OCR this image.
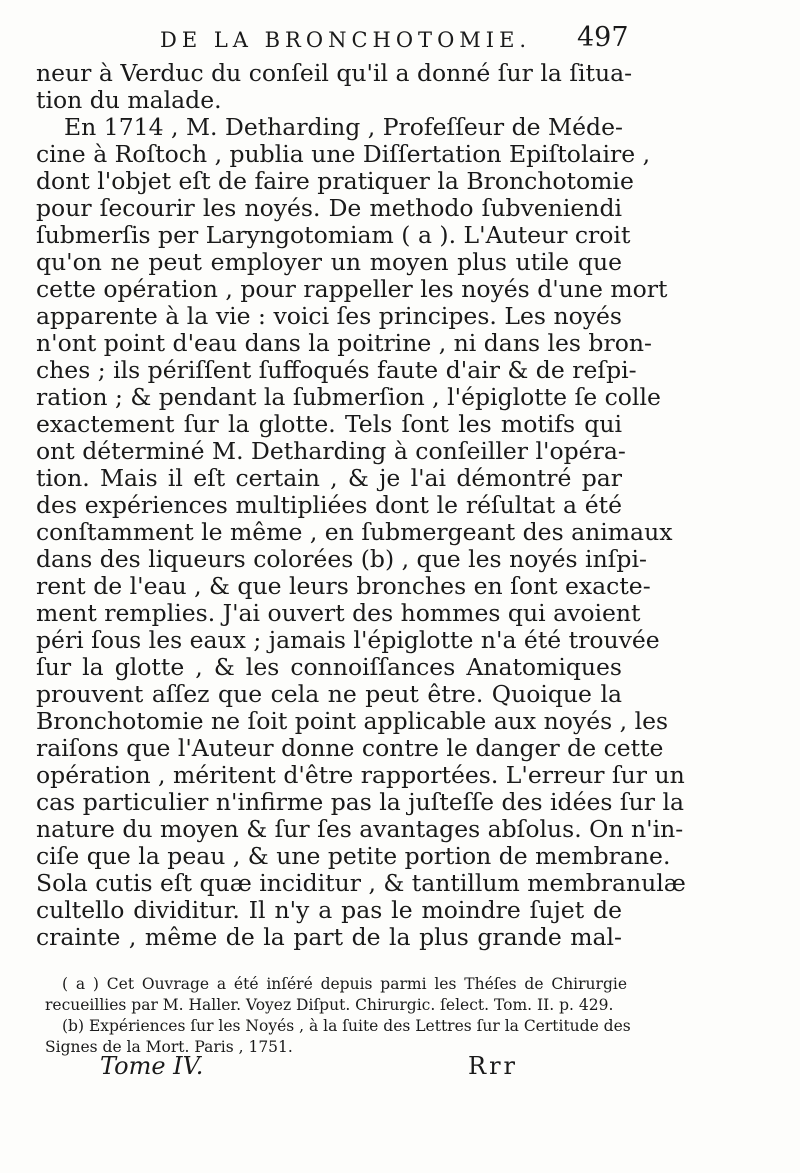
DE LA BRONCHOTOMIE. 497
neur à Verduc du conſeil qu'il a donné ſur la ſitua-
tion du malade.
En 1714 , M. Detharding , Profeſſeur de Méde-
cine à Roſtoch , publia une Diſſertation Epiſtolaire ,
dont l'objet eſt de faire pratiquer la Bronchotomie
pour ſecourir les noyés. De methodo ſubveniendi
ſubmerſis per Laryngotomiam ( a ). L'Auteur croit
qu'on ne peut employer un moyen plus utile que
cette opération , pour rappeller les noyés d'une mort
apparente à la vie : voici ſes principes. Les noyés
n'ont point d'eau dans la poitrine , ni dans les bron-
ches ; ils périſſent ſuffoqués faute d'air & de reſpi-
ration ; & pendant la ſubmerſion , l'épiglotte ſe colle
exactement ſur la glotte. Tels ſont les motifs qui
ont déterminé M. Detharding à conſeiller l'opéra-
tion. Mais il eſt certain , & je l'ai démontré par
des expériences multipliées dont le réſultat a été
conſtamment le même , en ſubmergeant des animaux
dans des liqueurs colorées (b) , que les noyés inſpi-
rent de l'eau , & que leurs bronches en ſont exacte-
ment remplies. J'ai ouvert des hommes qui avoient
péri ſous les eaux ; jamais l'épiglotte n'a été trouvée
ſur la glotte , & les connoiſſances Anatomiques
prouvent aſſez que cela ne peut être. Quoique la
Bronchotomie ne ſoit point applicable aux noyés , les
raiſons que l'Auteur donne contre le danger de cette
opération , méritent d'être rapportées. L'erreur ſur un
cas particulier n'infirme pas la juſteſſe des idées ſur la
nature du moyen & ſur ſes avantages abſolus. On n'in-
ciſe que la peau , & une petite portion de membrane.
Sola cutis eſt quæ inciditur , & tantillum membranulæ
cultello dividitur. Il n'y a pas le moindre ſujet de
crainte , même de la part de la plus grande mal-
( a ) Cet Ouvrage a été inſéré depuis parmi les Théſes de Chirurgie
recueillies par M. Haller. Voyez Diſput. Chirurgic. ſelect. Tom. II. p. 429.
(b) Expériences ſur les Noyés , à la ſuite des Lettres ſur la Certitude des
Signes de la Mort. Paris , 1751.
Tome IV.	Rrr
